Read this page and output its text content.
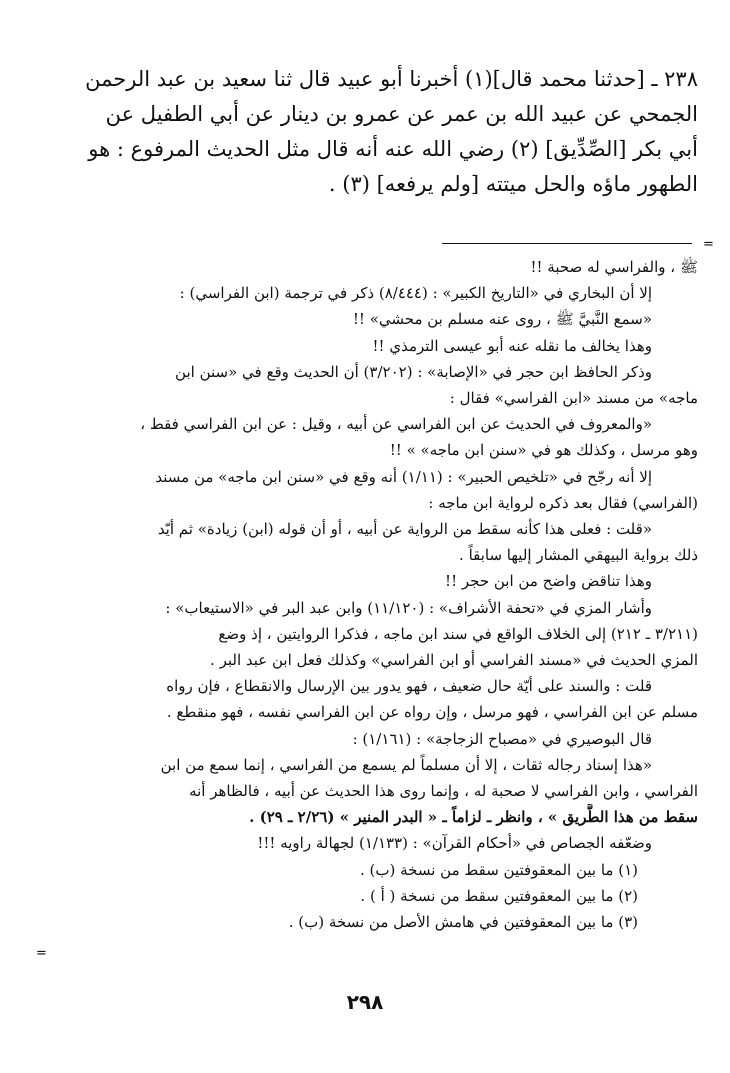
٢٣٨ ـ [حدثنا محمد قال](١) أخبرنا أبو عبيد قال ثنا سعيد بن عبد الرحمن

الجمحي عن عبيد الله بن عمر عن عمرو بن دينار عن أبي الطفيل عن

أبي بكر [الصِّدِّيق] (٢) رضي الله عنه أنه قال مثل الحديث المرفوع : هو

الطهور ماؤه والحل ميتته [ولم يرفعه] (٣) .

=
ﷺ ، والفراسي له صحبة !!
إلا أن البخاري في «التاريخ الكبير» : (٨/٤٤٤) ذكر في ترجمة (ابن الفراسي) :
«سمع النَّبيَّ ﷺ ، روى عنه مسلم بن محشي» !!
وهذا يخالف ما نقله عنه أبو عيسى الترمذي !!
وذكر الحافظ ابن حجر في «الإصابة» : (٣/٢٠٢) أن الحديث وقع في «سنن ابن
ماجه» من مسند «ابن الفراسي» فقال :
«والمعروف في الحديث عن ابن الفراسي عن أبيه ، وقيل : عن ابن الفراسي فقط ،
وهو مرسل ، وكذلك هو في «سنن ابن ماجه» » !!
إلا أنه رجّح في «تلخيص الحبير» : (١/١١) أنه وقع في «سنن ابن ماجه» من مسند
(الفراسي) فقال بعد ذكره لرواية ابن ماجه :
«قلت : فعلى هذا كأنه سقط من الرواية عن أبيه ، أو أن قوله (ابن) زيادة» ثم أيّد
ذلك برواية البيهقي المشار إليها سابقاً .
وهذا تناقض واضح من ابن حجر !!
وأشار المزي في «تحفة الأشراف» : (١١/١٢٠) وابن عبد البر في «الاستيعاب» :
(٣/٢١١ ـ ٢١٢) إلى الخلاف الواقع في سند ابن ماجه ، فذكرا الروايتين ، إذ وضع
المزي الحديث في «مسند الفراسي أو ابن الفراسي» وكذلك فعل ابن عبد البر .
قلت : والسند على أيّة حال ضعيف ، فهو يدور بين الإرسال والانقطاع ، فإن رواه
مسلم عن ابن الفراسي ، فهو مرسل ، وإن رواه عن ابن الفراسي نفسه ، فهو منقطع .
قال البوصيري في «مصباح الزجاجة» : (١/١٦١) :
«هذا إسناد رجاله ثقات ، إلا أن مسلماً لم يسمع من الفراسي ، إنما سمع من ابن
الفراسي ، وابن الفراسي لا صحبة له ، وإنما روى هذا الحديث عن أبيه ، فالظاهر أنه
سقط من هذا الطَّريق » ، وانظر ـ لزاماً ـ « البدر المنير » (٢/٢٦ ـ ٢٩) .
وضعّفه الجصاص في «أحكام القرآن» : (١/١٣٣) لجهالة راويه !!!
(١) ما بين المعقوفتين سقط من نسخة (ب) .
(٢) ما بين المعقوفتين سقط من نسخة ( أ ) .
(٣) ما بين المعقوفتين في هامش الأصل من نسخة (ب) .
=
٢٩٨
